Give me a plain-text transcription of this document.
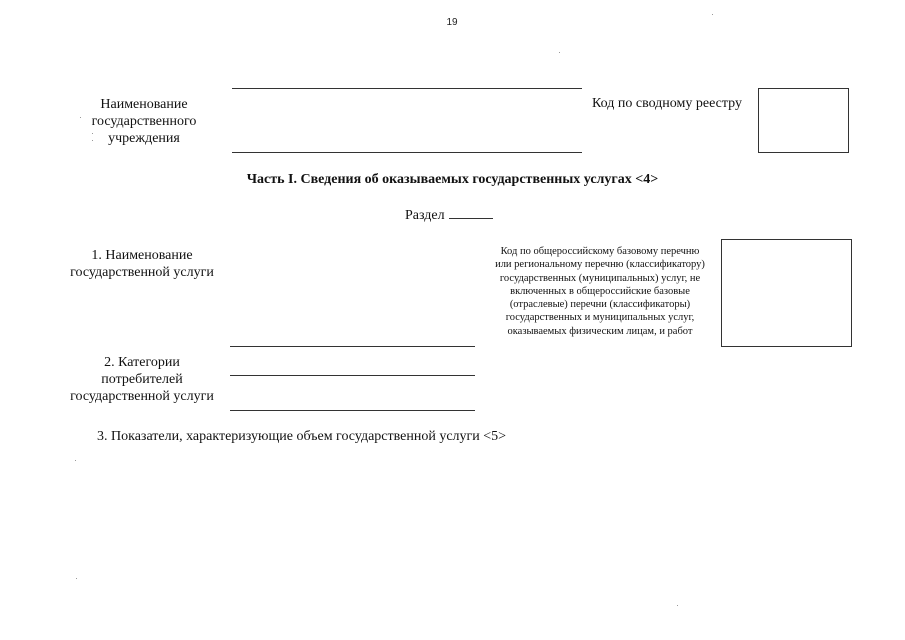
19
Наименование
государственного
учреждения
Код по сводному реестру
Часть I. Сведения об оказываемых государственных услугах <4>
Раздел
1. Наименование
государственной услуги
Код по общероссийскому базовому перечню
или региональному перечню (классификатору)
государственных (муниципальных) услуг, не
включенных в общероссийские базовые
(отраслевые) перечни (классификаторы)
государственных и муниципальных услуг,
оказываемых физическим лицам, и работ
2. Категории
потребителей
государственной услуги
3. Показатели, характеризующие объем государственной услуги <5>
